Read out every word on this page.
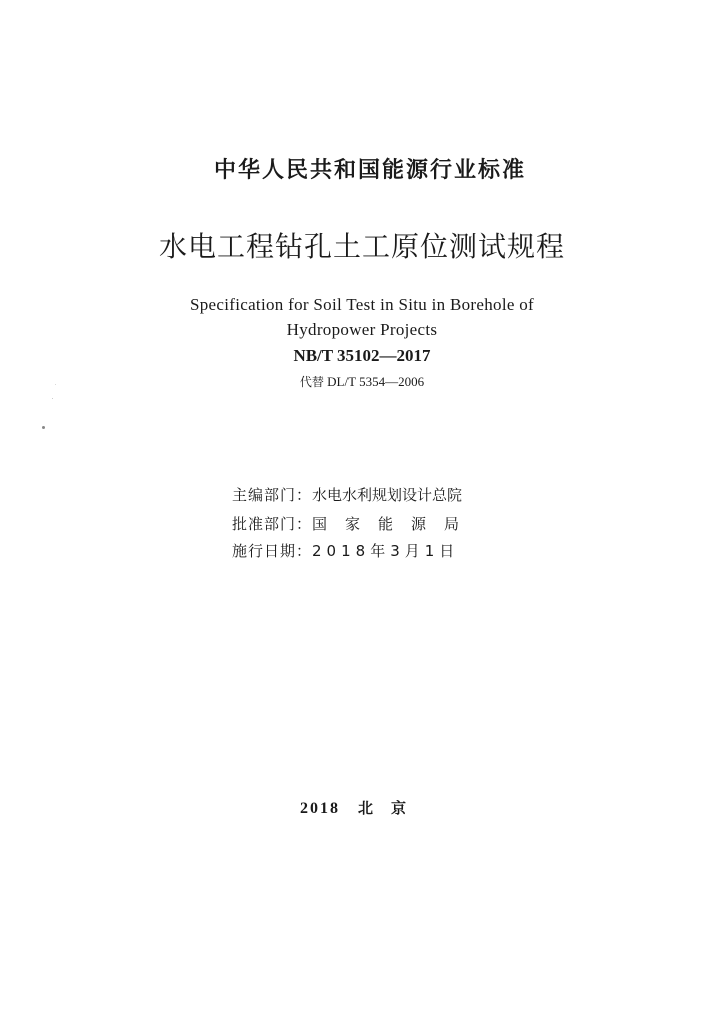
中华人民共和国能源行业标准
水电工程钻孔土工原位测试规程
Specification for Soil Test in Situ in Borehole of
Hydropower Projects
NB/T 35102—2017
代替 DL/T 5354—2006
主编部门：水电水利规划设计总院
批准部门：国家能源局
施行日期：2018年3月1日
2018 北京
